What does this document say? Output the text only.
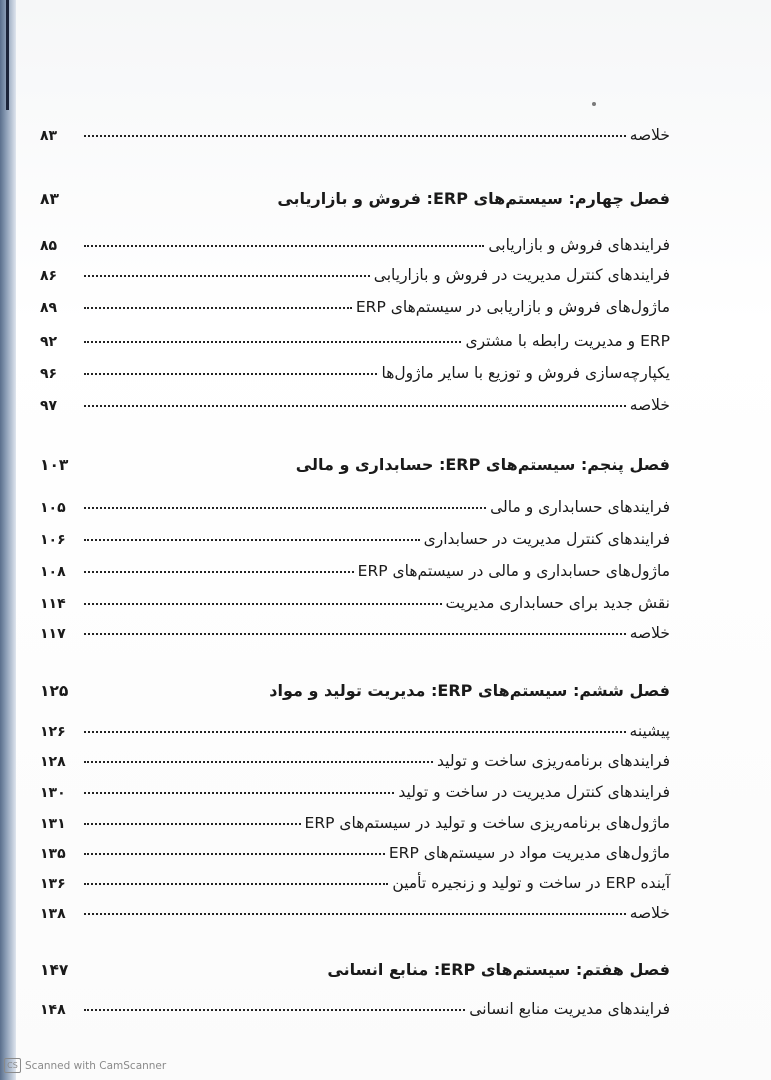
خلاصه
۸۳
فصل چهارم: سیستم‌های ERP: فروش و بازاریابی
۸۳
فرایندهای فروش و بازاریابی
۸۵
فرایندهای کنترل مدیریت در فروش و بازاریابی
۸۶
ماژول‌های فروش و بازاریابی در سیستم‌های ERP
۸۹
ERP و مدیریت رابطه با مشتری
۹۲
یکپارچه‌سازی فروش و توزیع با سایر ماژول‌ها
۹۶
خلاصه
۹۷
فصل پنجم: سیستم‌های ERP: حسابداری و مالی
۱۰۳
فرایندهای حسابداری و مالی
۱۰۵
فرایندهای کنترل مدیریت در حسابداری
۱۰۶
ماژول‌های حسابداری و مالی در سیستم‌های ERP
۱۰۸
نقش جدید برای حسابداری مدیریت
۱۱۴
خلاصه
۱۱۷
فصل ششم: سیستم‌های ERP: مدیریت تولید و مواد
۱۲۵
پیشینه
۱۲۶
فرایندهای برنامه‌ریزی ساخت و تولید
۱۲۸
فرایندهای کنترل مدیریت در ساخت و تولید
۱۳۰
ماژول‌های برنامه‌ریزی ساخت و تولید در سیستم‌های ERP
۱۳۱
ماژول‌های مدیریت مواد در سیستم‌های ERP
۱۳۵
آینده ERP در ساخت و تولید و زنجیره تأمین
۱۳۶
خلاصه
۱۳۸
فصل هفتم: سیستم‌های ERP: منابع انسانی
۱۴۷
فرایندهای مدیریت منابع انسانی
۱۴۸
CS Scanned with CamScanner
